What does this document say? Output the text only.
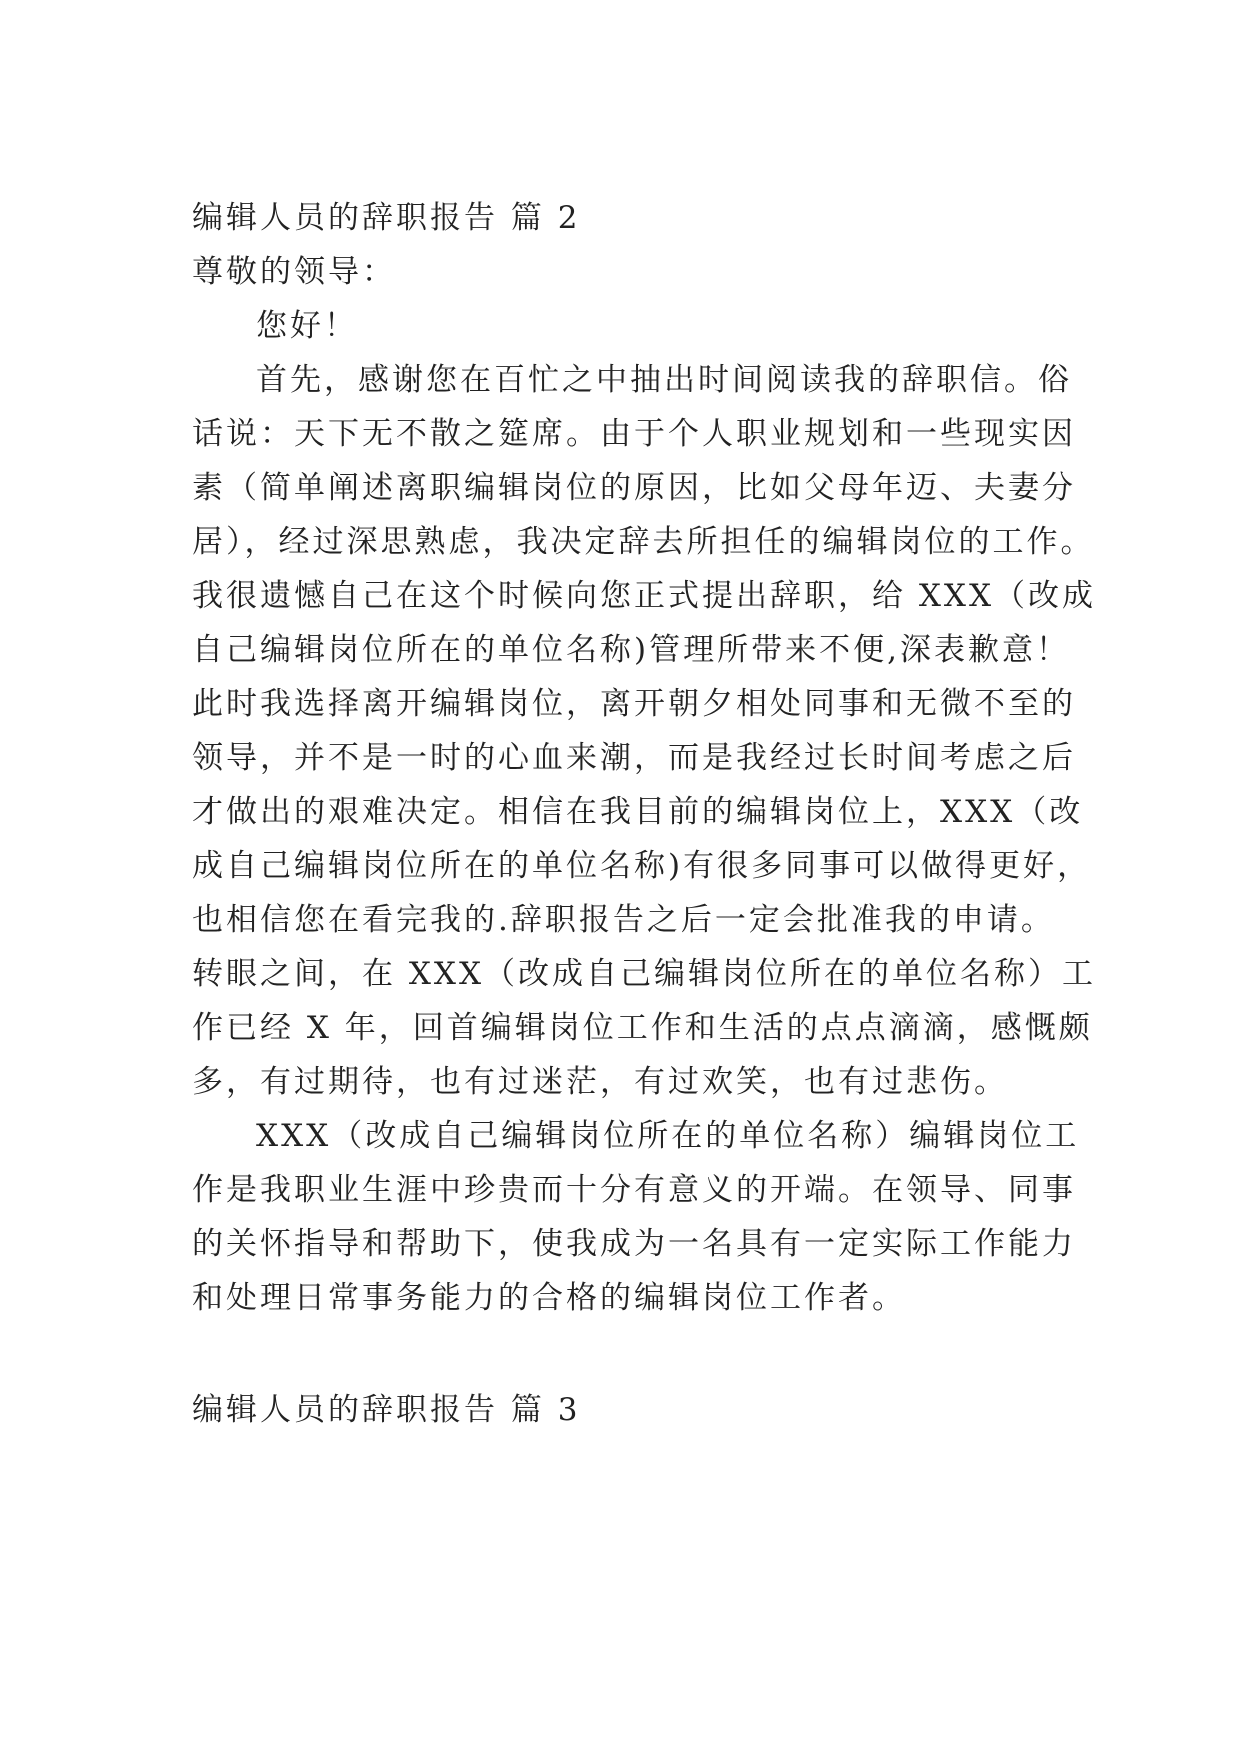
编辑人员的辞职报告 篇 2
尊敬的领导：
您好！
首先，感谢您在百忙之中抽出时间阅读我的辞职信。俗
话说：天下无不散之筵席。由于个人职业规划和一些现实因
素（简单阐述离职编辑岗位的原因，比如父母年迈、夫妻分
居），经过深思熟虑，我决定辞去所担任的编辑岗位的工作。
我很遗憾自己在这个时候向您正式提出辞职，给 XXX（改成
自己编辑岗位所在的单位名称)管理所带来不便,深表歉意！
此时我选择离开编辑岗位，离开朝夕相处同事和无微不至的
领导，并不是一时的心血来潮，而是我经过长时间考虑之后
才做出的艰难决定。相信在我目前的编辑岗位上，XXX（改
成自己编辑岗位所在的单位名称)有很多同事可以做得更好，
也相信您在看完我的.辞职报告之后一定会批准我的申请。
转眼之间，在 XXX（改成自己编辑岗位所在的单位名称）工
作已经 X 年，回首编辑岗位工作和生活的点点滴滴，感慨颇
多，有过期待，也有过迷茫，有过欢笑，也有过悲伤。
XXX（改成自己编辑岗位所在的单位名称）编辑岗位工
作是我职业生涯中珍贵而十分有意义的开端。在领导、同事
的关怀指导和帮助下，使我成为一名具有一定实际工作能力
和处理日常事务能力的合格的编辑岗位工作者。
编辑人员的辞职报告 篇 3
